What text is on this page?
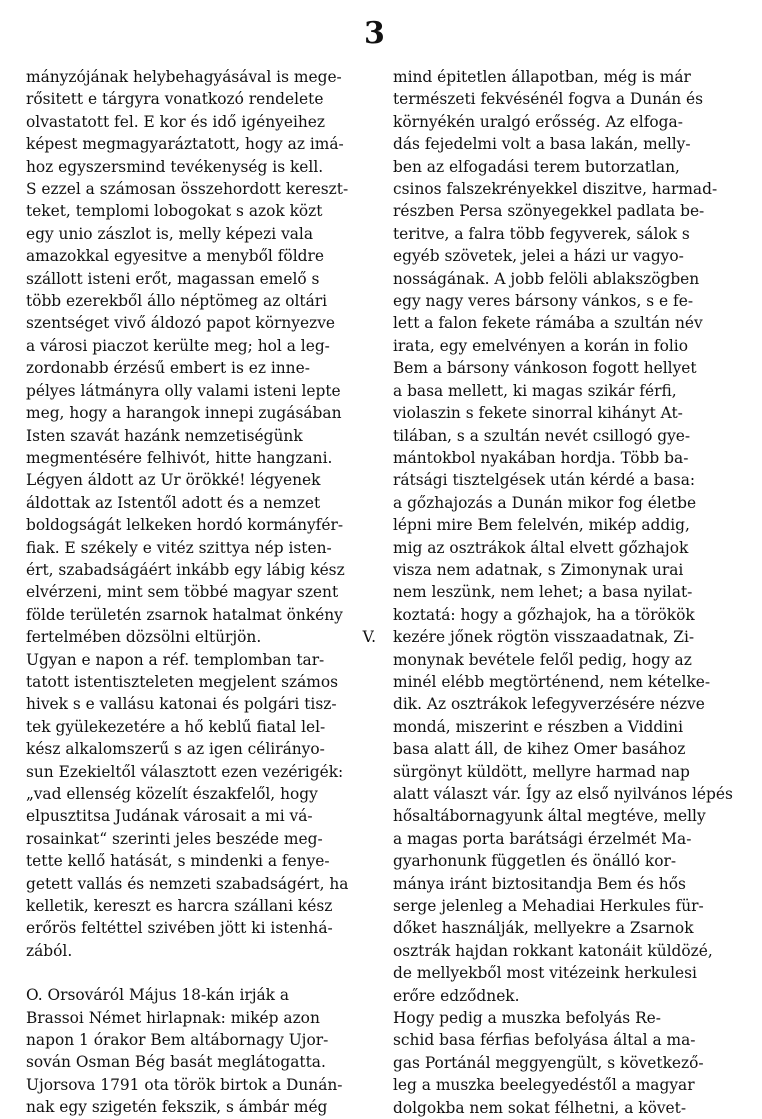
3
mányzójának helybehagyásával is mege-
rősitett e tárgyra vonatkozó rendelete
olvastatott fel. E kor és idő igényeihez
képest megmagyaráztatott, hogy az imá-
hoz egyszersmind tevékenység is kell.
S ezzel a számosan összehordott kereszt-
teket, templomi lobogokat s azok közt
egy unio zászlot is, melly képezi vala
amazokkal egyesitve a menyből földre
szállott isteni erőt, magassan emelő s
több ezerekből állo néptömeg az oltári
szentséget vivő áldozó papot környezve
a városi piaczot kerülte meg; hol a leg-
zordonabb érzésű embert is ez inne-
pélyes látmányra olly valami isteni lepte
meg, hogy a harangok innepi zugásában
Isten szavát hazánk nemzetiségünk
megmentésére felhivót, hitte hangzani.
Légyen áldott az Ur örökké! légyenek
áldottak az Istentől adott és a nemzet
boldogságát lelkeken hordó kormányfér-
fiak. E székely e vitéz szittya nép isten-
ért, szabadságáért inkább egy lábig kész
elvérzeni, mint sem többé magyar szent
földe területén zsarnok hatalmat önkény
fertelmében dözsölni eltürjön.	V.
Ugyan e napon a réf. templomban tar-
tatott istentiszteleten megjelent számos
hivek s e vallásu katonai és polgári tisz-
tek gyülekezetére a hő keblű fiatal lel-
kész alkalomszerű s az igen célirányo-
sun Ezekieltől választott ezen vezérigék:
„vad ellenség közelít északfelől, hogy
elpusztitsa Judának városait a mi vá-
rosainkat“ szerinti jeles beszéde meg-
tette kellő hatását, s mindenki a fenye-
getett vallás és nemzeti szabadságért, ha
kelletik, kereszt es harcra szállani kész
erőrös feltéttel szivében jött ki istenhá-
zából.
O. Orsováról Május 18-kán irják a
Brassoi Német hirlapnak: mikép azon
napon 1 órakor Bem altábornagy Ujor-
sován Osman Bég basát meglátogatta.
Ujorsova 1791 ota török birtok a Dunán-
nak egy szigetén fekszik, s ámbár még
mind épitetlen állapotban, még is már
természeti fekvésénél fogva a Dunán és
környékén uralgó erősség. Az elfoga-
dás fejedelmi volt a basa lakán, melly-
ben az elfogadási terem butorzatlan,
csinos falszekrényekkel diszitve, harmad-
részben Persa szönyegekkel padlata be-
teritve, a falra több fegyverek, sálok s
egyéb szövetek, jelei a házi ur vagyo-
nosságának. A jobb felöli ablakszögben
egy nagy veres bársony vánkos, s e fe-
lett a falon fekete rámába a szultán név
irata, egy emelvényen a korán in folio
Bem a bársony vánkoson fogott hellyet
a basa mellett, ki magas szikár férfi,
violaszin s fekete sinorral kihányt At-
tilában, s a szultán nevét csillogó gye-
mántokbol nyakában hordja. Több ba-
rátsági tisztelgések után kérdé a basa:
a gőzhajozás a Dunán mikor fog életbe
lépni mire Bem felelvén, mikép addig,
mig az osztrákok által elvett gőzhajok
visza nem adatnak, s Zimonynak urai
nem leszünk, nem lehet; a basa nyilat-
koztatá: hogy a gőzhajok, ha a törökök
kezére jőnek rögtön visszaadatnak, Zi-
monynak bevétele felől pedig, hogy az
minél elébb megtörténend, nem kételke-
dik. Az osztrákok lefegyverzésére nézve
mondá, miszerint e részben a Viddini
basa alatt áll, de kihez Omer basához
sürgönyt küldött, mellyre harmad nap
alatt választ vár. Így az első nyilvános lépés
hősaltábornagyunk által megtéve, melly
a magas porta barátsági érzelmét Ma-
gyarhonunk független és önálló kor-
mánya iránt biztositandja Bem és hős
serge jelenleg a Mehadiai Herkules für-
dőket használják, mellyekre a Zsarnok
osztrák hajdan rokkant katonáit küldözé,
de mellyekből most vitézeink herkulesi
erőre edződnek.
Hogy pedig a muszka befolyás Re-
schid basa férfias befolyása által a ma-
gas Portánál meggyengült, s következő-
leg a muszka beelegyedéstől a magyar
dolgokba nem sokat félhetni, a követ-
